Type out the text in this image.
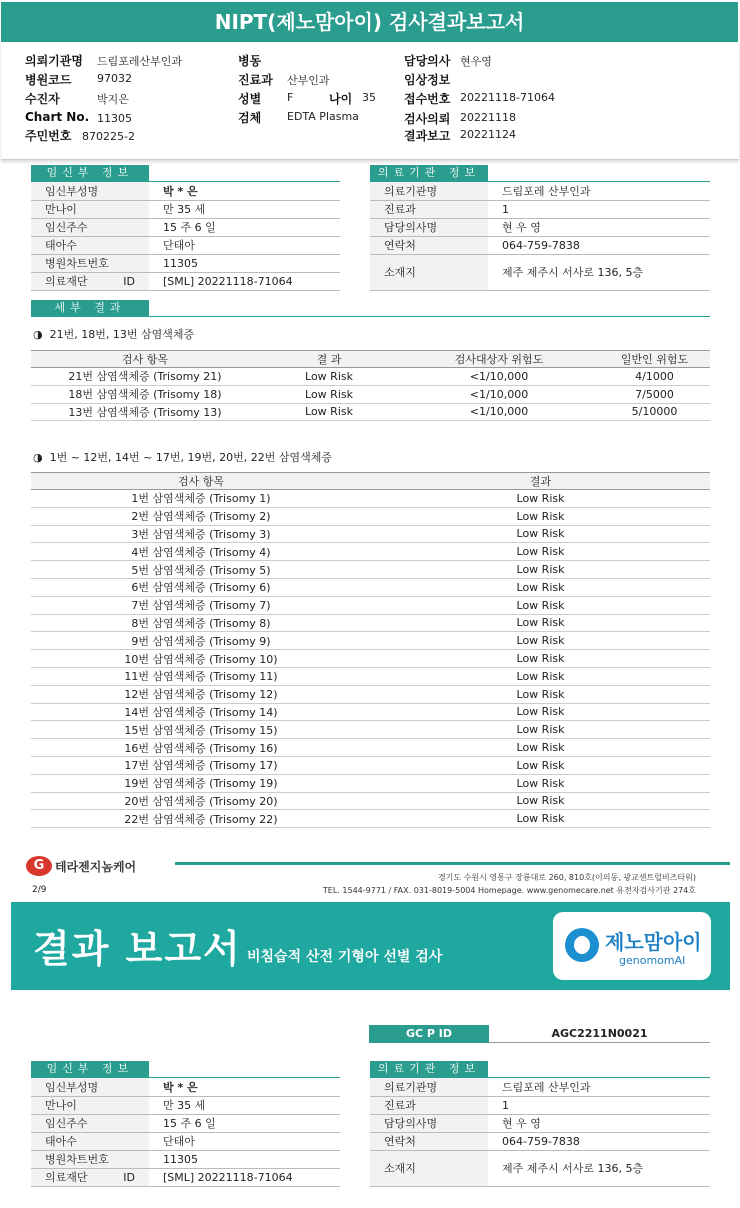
NIPT(제노맘아이) 검사결과보고서
의뢰기관명 드림포레산부인과
병원코드 97032
수진자	박지은
Chart No. 11305
주민번호 870225-2
병동
진료과 산부인과
성별 F	나이 35
검체 EDTA Plasma
담당의사 현우영
임상정보
접수번호 20221118-71064
검사의뢰 20221118
결과보고 20221124
임신부 정보	의료기관 정보
임신부성명	박 * 은
만나이	만 35 세
임신주수	15 주 6 일
태아수	단태아
병원차트번호	11305
의료재단 ID	[SML] 20221118-71064
의료기관명	드림포레 산부인과
진료과	1
담당의사명	현 우 영
연락처	064-759-7838
소재지	제주 제주시 서사로 136, 5층
세부 결과
◑  21번, 18번, 13번 삼염색체증
검사 항목	결 과	검사대상자 위험도	일반인 위험도
21번 삼염색체증 (Trisomy 21)	Low Risk	<1/10,000	4/1000
18번 삼염색체증 (Trisomy 18)	Low Risk	<1/10,000	7/5000
13번 삼염색체증 (Trisomy 13)	Low Risk	<1/10,000	5/10000
◑  1번 ~ 12번, 14번 ~ 17번, 19번, 20번, 22번 삼염색체증
검사 항목	결과
1번 삼염색체증 (Trisomy 1)	Low Risk
2번 삼염색체증 (Trisomy 2)	Low Risk
3번 삼염색체증 (Trisomy 3)	Low Risk
4번 삼염색체증 (Trisomy 4)	Low Risk
5번 삼염색체증 (Trisomy 5)	Low Risk
6번 삼염색체증 (Trisomy 6)	Low Risk
7번 삼염색체증 (Trisomy 7)	Low Risk
8번 삼염색체증 (Trisomy 8)	Low Risk
9번 삼염색체증 (Trisomy 9)	Low Risk
10번 삼염색체증 (Trisomy 10)	Low Risk
11번 삼염색체증 (Trisomy 11)	Low Risk
12번 삼염색체증 (Trisomy 12)	Low Risk
14번 삼염색체증 (Trisomy 14)	Low Risk
15번 삼염색체증 (Trisomy 15)	Low Risk
16번 삼염색체증 (Trisomy 16)	Low Risk
17번 삼염색체증 (Trisomy 17)	Low Risk
19번 삼염색체증 (Trisomy 19)	Low Risk
20번 삼염색체증 (Trisomy 20)	Low Risk
22번 삼염색체증 (Trisomy 22)	Low Risk
G 테라젠지놈케어
경기도 수원시 영통구 장룡대로 260, 810호(이의동, 광교센트럴비즈타워)
TEL. 1544-9771 / FAX. 031-8019-5004 Homepage. www.genomecare.net 유전자검사기관 274호
2/9
결과 보고서 비침습적 산전 기형아 선별 검사
제노맘아이
genomomAI
GC P ID	AGC2211N0021
임신부 정보	의료기관 정보
임신부성명	박 * 은
만나이	만 35 세
임신주수	15 주 6 일
태아수	단태아
병원차트번호	11305
의료재단 ID	[SML] 20221118-71064
의료기관명	드림포레 산부인과
진료과	1
담당의사명	현 우 영
연락처	064-759-7838
소재지	제주 제주시 서사로 136, 5층
